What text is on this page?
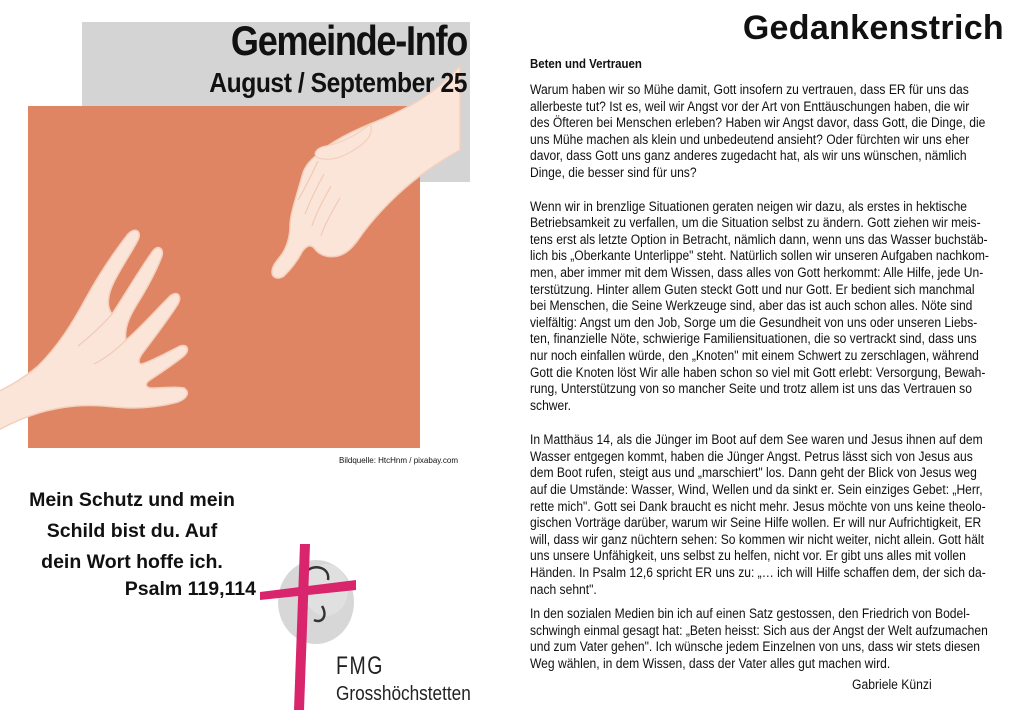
Gemeinde-Info
August / September 25
Bildquelle: HtcHnm / pixabay.com
Mein Schutz und mein
Schild bist du. Auf
dein Wort hoffe ich.
Psalm 119,114
FMG
Grosshöchstetten
Gedankenstrich

Beten und Vertrauen

Warum haben wir so Mühe damit, Gott insofern zu vertrauen, dass ER für uns das
allerbeste tut? Ist es, weil wir Angst vor der Art von Enttäuschungen haben, die wir
des Öfteren bei Menschen erleben? Haben wir Angst davor, dass Gott, die Dinge, die
uns Mühe machen als klein und unbedeutend ansieht? Oder fürchten wir uns eher
davor, dass Gott uns ganz anderes zugedacht hat, als wir uns wünschen, nämlich
Dinge, die besser sind für uns?

Wenn wir in brenzlige Situationen geraten neigen wir dazu, als erstes in hektische
Betriebsamkeit zu verfallen, um die Situation selbst zu ändern. Gott ziehen wir meis-
tens erst als letzte Option in Betracht, nämlich dann, wenn uns das Wasser buchstäb-
lich bis „Oberkante Unterlippe" steht. Natürlich sollen wir unseren Aufgaben nachkom-
men, aber immer mit dem Wissen, dass alles von Gott herkommt: Alle Hilfe, jede Un-
terstützung. Hinter allem Guten steckt Gott und nur Gott. Er bedient sich manchmal
bei Menschen, die Seine Werkzeuge sind, aber das ist auch schon alles. Nöte sind
vielfältig: Angst um den Job, Sorge um die Gesundheit von uns oder unseren Liebs-
ten, finanzielle Nöte, schwierige Familiensituationen, die so vertrackt sind, dass uns
nur noch einfallen würde, den „Knoten" mit einem Schwert zu zerschlagen, während
Gott die Knoten löst Wir alle haben schon so viel mit Gott erlebt: Versorgung, Bewah-
rung, Unterstützung von so mancher Seite und trotz allem ist uns das Vertrauen so
schwer.

In Matthäus 14, als die Jünger im Boot auf dem See waren und Jesus ihnen auf dem
Wasser entgegen kommt, haben die Jünger Angst. Petrus lässt sich von Jesus aus
dem Boot rufen, steigt aus und „marschiert" los. Dann geht der Blick von Jesus weg
auf die Umstände: Wasser, Wind, Wellen und da sinkt er. Sein einziges Gebet: „Herr,
rette mich". Gott sei Dank braucht es nicht mehr. Jesus möchte von uns keine theolo-
gischen Vorträge darüber, warum wir Seine Hilfe wollen. Er will nur Aufrichtigkeit, ER
will, dass wir ganz nüchtern sehen: So kommen wir nicht weiter, nicht allein. Gott hält
uns unsere Unfähigkeit, uns selbst zu helfen, nicht vor. Er gibt uns alles mit vollen
Händen. In Psalm 12,6 spricht ER uns zu: „… ich will Hilfe schaffen dem, der sich da-
nach sehnt".

In den sozialen Medien bin ich auf einen Satz gestossen, den Friedrich von Bodel-
schwingh einmal gesagt hat: „Beten heisst: Sich aus der Angst der Welt aufzumachen
und zum Vater gehen". Ich wünsche jedem Einzelnen von uns, dass wir stets diesen
Weg wählen, in dem Wissen, dass der Vater alles gut machen wird.

Gabriele Künzi
